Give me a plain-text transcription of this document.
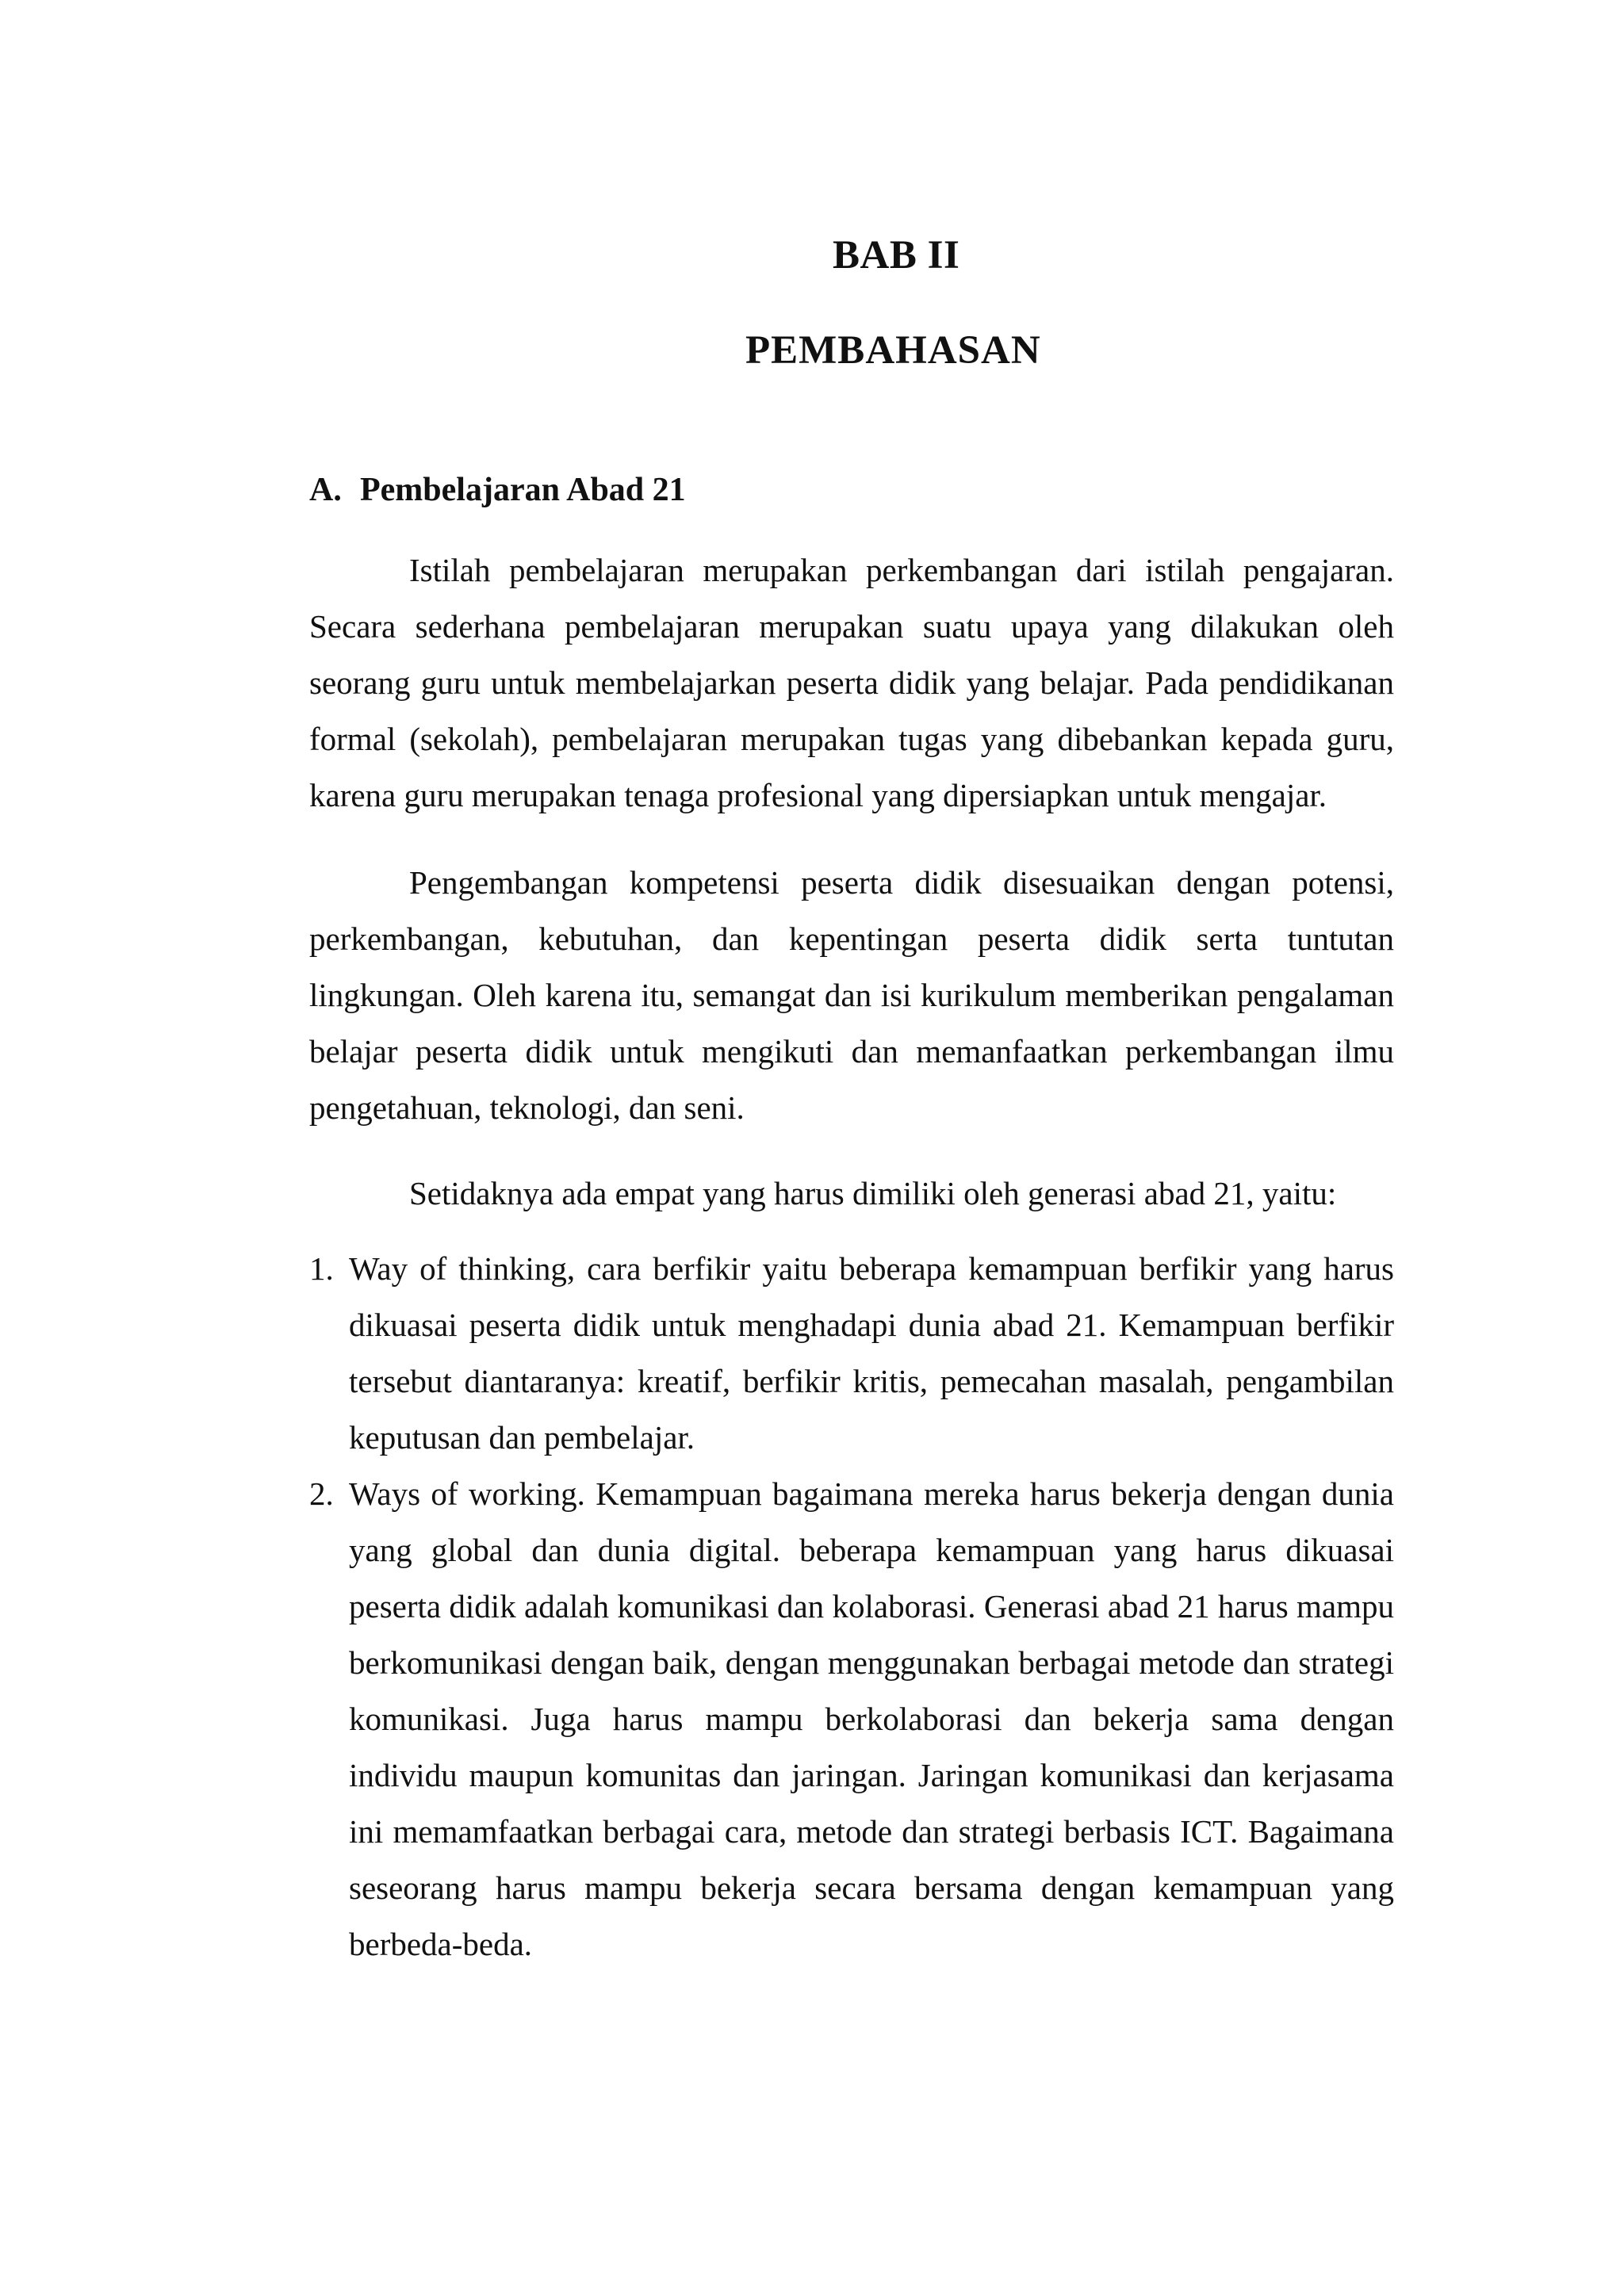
BAB II
PEMBAHASAN
A. Pembelajaran Abad 21

Istilah pembelajaran merupakan perkembangan dari istilah pengajaran. Secara sederhana pembelajaran merupakan suatu upaya yang dilakukan oleh seorang guru untuk membelajarkan peserta didik yang belajar. Pada pendidikanan formal (sekolah), pembelajaran merupakan tugas yang dibebankan kepada guru, karena guru merupakan tenaga profesional yang dipersiapkan untuk mengajar.

Pengembangan kompetensi peserta didik disesuaikan dengan potensi, perkembangan, kebutuhan, dan kepentingan peserta didik serta tuntutan lingkungan. Oleh karena itu, semangat dan isi kurikulum memberikan pengalaman belajar peserta didik untuk mengikuti dan memanfaatkan perkembangan ilmu pengetahuan, teknologi, dan seni.

Setidaknya ada empat yang harus dimiliki oleh generasi abad 21, yaitu:
1. Way of thinking, cara berfikir yaitu beberapa kemampuan berfikir yang harus dikuasai peserta didik untuk menghadapi dunia abad 21. Kemampuan berfikir tersebut diantaranya: kreatif, berfikir kritis, pemecahan masalah, pengambilan keputusan dan pembelajar.
2. Ways of working. Kemampuan bagaimana mereka harus bekerja dengan dunia yang global dan dunia digital. beberapa kemampuan yang harus dikuasai peserta didik adalah komunikasi dan kolaborasi. Generasi abad 21 harus mampu berkomunikasi dengan baik, dengan menggunakan berbagai metode dan strategi komunikasi. Juga harus mampu berkolaborasi dan bekerja sama dengan individu maupun komunitas dan jaringan. Jaringan komunikasi dan kerjasama ini memamfaatkan berbagai cara, metode dan strategi berbasis ICT. Bagaimana seseorang harus mampu bekerja secara bersama dengan kemampuan yang berbeda-beda.
